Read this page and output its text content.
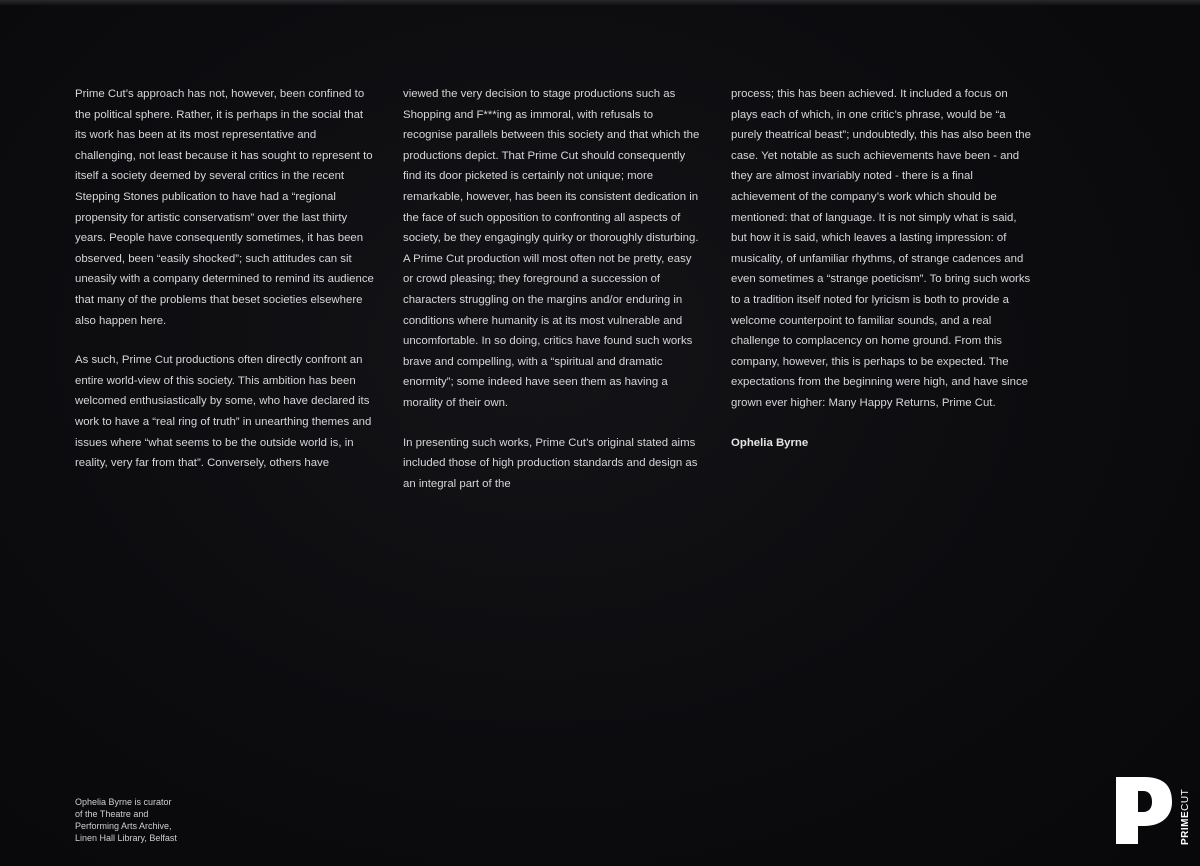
Prime Cut’s approach has not, however, been confined to the political sphere. Rather, it is perhaps in the social that its work has been at its most representative and challenging, not least because it has sought to represent to itself a society deemed by several critics in the recent Stepping Stones publication to have had a “regional propensity for artistic conservatism” over the last thirty years. People have consequently sometimes, it has been observed, been “easily shocked”; such attitudes can sit uneasily with a company determined to remind its audience that many of the problems that beset societies elsewhere also happen here.

As such, Prime Cut productions often directly confront an entire world-view of this society. This ambition has been welcomed enthusiastically by some, who have declared its work to have a “real ring of truth” in unearthing themes and issues where “what seems to be the outside world is, in reality, very far from that”. Conversely, others have

viewed the very decision to stage productions such as Shopping and F***ing as immoral, with refusals to recognise parallels between this society and that which the productions depict. That Prime Cut should consequently find its door picketed is certainly not unique; more remarkable, however, has been its consistent dedication in the face of such opposition to confronting all aspects of society, be they engagingly quirky or thoroughly disturbing. A Prime Cut production will most often not be pretty, easy or crowd pleasing; they foreground a succession of characters struggling on the margins and/or enduring in conditions where humanity is at its most vulnerable and uncomfortable. In so doing, critics have found such works brave and compelling, with a “spiritual and dramatic enormity”; some indeed have seen them as having a morality of their own.

In presenting such works, Prime Cut’s original stated aims included those of high production standards and design as an integral part of the

process; this has been achieved. It included a focus on plays each of which, in one critic’s phrase, would be “a purely theatrical beast”; undoubtedly, this has also been the case. Yet notable as such achievements have been - and they are almost invariably noted - there is a final achievement of the company’s work which should be mentioned: that of language. It is not simply what is said, but how it is said, which leaves a lasting impression: of musicality, of unfamiliar rhythms, of strange cadences and even sometimes a “strange poeticism”. To bring such works to a tradition itself noted for lyricism is both to provide a welcome counterpoint to familiar sounds, and a real challenge to complacency on home ground. From this company, however, this is perhaps to be expected. The expectations from the beginning were high, and have since grown ever higher: Many Happy Returns, Prime Cut.

Ophelia Byrne

Ophelia Byrne is curator
of the Theatre and
Performing Arts Archive,
Linen Hall Library, Belfast	PRIMECUT
